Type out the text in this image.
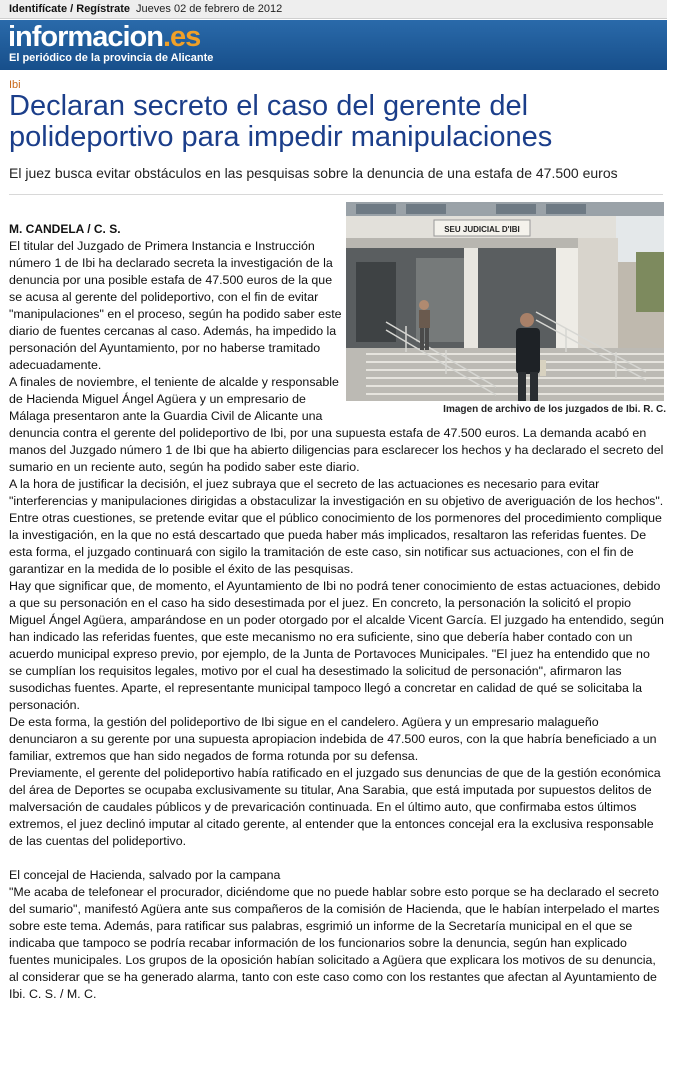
Identifícate / Regístrate Jueves 02 de febrero de 2012
informacion.es
El periódico de la provincia de Alicante
Ibi
Declaran secreto el caso del gerente del polideportivo para impedir manipulaciones
El juez busca evitar obstáculos en las pesquisas sobre la denuncia de una estafa de 47.500 euros
SEU JUDICIAL D'IBI
Imagen de archivo de los juzgados de Ibi. R. C.
M. CANDELA / C. S.

El titular del Juzgado de Primera Instancia e Instrucción número 1 de Ibi ha declarado secreta la investigación de la denuncia por una posible estafa de 47.500 euros de la que se acusa al gerente del polideportivo, con el fin de evitar "manipulaciones" en el proceso, según ha podido saber este diario de fuentes cercanas al caso. Además, ha impedido la personación del Ayuntamiento, por no haberse tramitado adecuadamente.

A finales de noviembre, el teniente de alcalde y responsable de Hacienda Miguel Ángel Agüera y un empresario de Málaga presentaron ante la Guardia Civil de Alicante una denuncia contra el gerente del polideportivo de Ibi, por una supuesta estafa de 47.500 euros. La demanda acabó en manos del Juzgado número 1 de Ibi que ha abierto diligencias para esclarecer los hechos y ha declarado el secreto del sumario en un reciente auto, según ha podido saber este diario.

A la hora de justificar la decisión, el juez subraya que el secreto de las actuaciones es necesario para evitar "interferencias y manipulaciones dirigidas a obstaculizar la investigación en su objetivo de averiguación de los hechos". Entre otras cuestiones, se pretende evitar que el público conocimiento de los pormenores del procedimiento complique la investigación, en la que no está descartado que pueda haber más implicados, resaltaron las referidas fuentes. De esta forma, el juzgado continuará con sigilo la tramitación de este caso, sin notificar sus actuaciones, con el fin de garantizar en la medida de lo posible el éxito de las pesquisas.

Hay que significar que, de momento, el Ayuntamiento de Ibi no podrá tener conocimiento de estas actuaciones, debido a que su personación en el caso ha sido desestimada por el juez. En concreto, la personación la solicitó el propio Miguel Ángel Agüera, amparándose en un poder otorgado por el alcalde Vicent García. El juzgado ha entendido, según han indicado las referidas fuentes, que este mecanismo no era suficiente, sino que debería haber contado con un acuerdo municipal expreso previo, por ejemplo, de la Junta de Portavoces Municipales. "El juez ha entendido que no se cumplían los requisitos legales, motivo por el cual ha desestimado la solicitud de personación", afirmaron las susodichas fuentes. Aparte, el representante municipal tampoco llegó a concretar en calidad de qué se solicitaba la personación.

De esta forma, la gestión del polideportivo de Ibi sigue en el candelero. Agüera y un empresario malagueño denunciaron a su gerente por una supuesta apropiacion indebida de 47.500 euros, con la que habría beneficiado a un familiar, extremos que han sido negados de forma rotunda por su defensa.

Previamente, el gerente del polideportivo había ratificado en el juzgado sus denuncias de que de la gestión económica del área de Deportes se ocupaba exclusivamente su titular, Ana Sarabia, que está imputada por supuestos delitos de malversación de caudales públicos y de prevaricación continuada. En el último auto, que confirmaba estos últimos extremos, el juez declinó imputar al citado gerente, al entender que la entonces concejal era la exclusiva responsable de las cuentas del polideportivo.

El concejal de Hacienda, salvado por la campana

"Me acaba de telefonear el procurador, diciéndome que no puede hablar sobre esto porque se ha declarado el secreto del sumario", manifestó Agüera ante sus compañeros de la comisión de Hacienda, que le habían interpelado el martes sobre este tema. Además, para ratificar sus palabras, esgrimió un informe de la Secretaría municipal en el que se indicaba que tampoco se podría recabar información de los funcionarios sobre la denuncia, según han explicado fuentes municipales. Los grupos de la oposición habían solicitado a Agüera que explicara los motivos de su denuncia, al considerar que se ha generado alarma, tanto con este caso como con los restantes que afectan al Ayuntamiento de Ibi. C. S. / M. C.
